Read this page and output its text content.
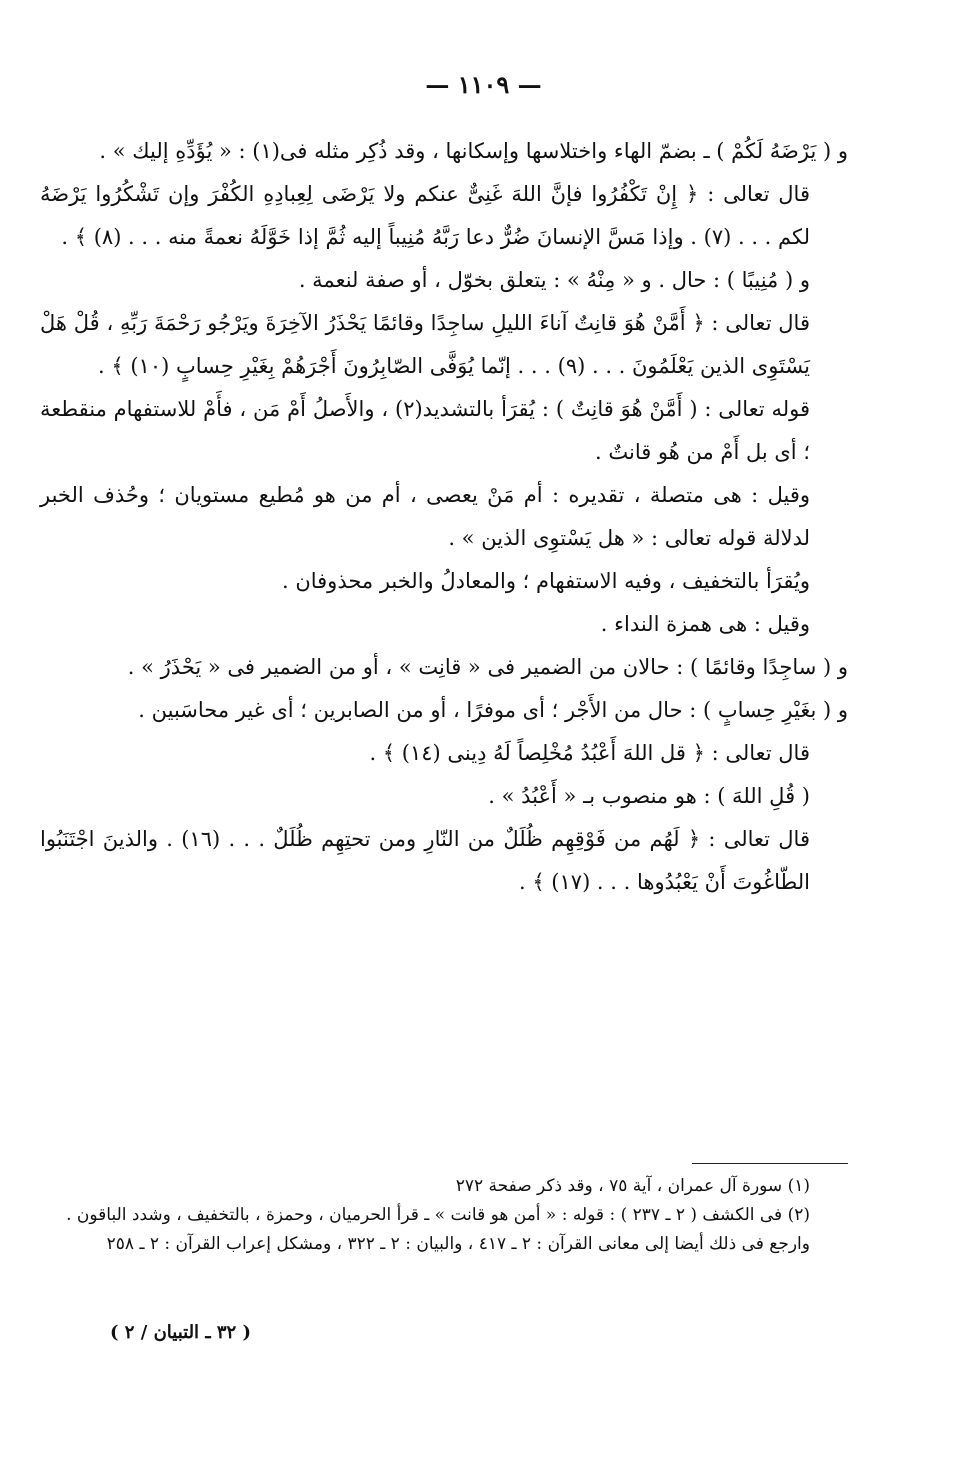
— ١١٠٩ —

و ( يَرْضَهُ لَكُمْ ) ـ بضمّ الهاء واختلاسها وإسكانها ، وقد ذُكِر مثله فى(١) : « يُؤَدِّهِ إليك » .

قال تعالى : ﴿ إِنْ تَكْفُرُوا فإنَّ اللهَ غَنِىٌّ عنكم ولا يَرْضَى لِعِبادِهِ الكُفْرَ وإن تَشْكُرُوا يَرْضَهُ لكم . . . (٧) . وإذا مَسَّ الإنسانَ ضُرٌّ دعا رَبَّهُ مُنِيباً إليه ثُمَّ إذا خَوَّلَهُ نعمةً منه . . . (٨) ﴾ .

و ( مُنِيبًا ) : حال . و « مِنْهُ » : يتعلق بخوّل ، أو صفة لنعمة .

قال تعالى : ﴿ أَمَّنْ هُوَ قانِتٌ آناءَ الليلِ ساجِدًا وقائمًا يَحْذَرُ الآخِرَةَ ويَرْجُو رَحْمَةَ رَبِّهِ ، قُلْ هَلْ يَسْتَوِى الذين يَعْلَمُونَ . . . (٩) . . . إنّما يُوَفَّى الصّابِرُونَ أَجْرَهُمْ بِغَيْرِ حِسابٍ (١٠) ﴾ .

قوله تعالى : ( أَمَّنْ هُوَ قانِتٌ ) : يُقرَأ بالتشديد(٢) ، والأَصلُ أَمْ مَن ، فأَمْ للاستفهام منقطعة ؛ أى بل أَمْ من هُو قانتٌ .

وقيل : هى متصلة ، تقديره : أم مَنْ يعصى ، أم من هو مُطيع مستويان ؛ وحُذف الخبر لدلالة قوله تعالى : « هل يَسْتوِى الذين » .

ويُقرَأ بالتخفيف ، وفيه الاستفهام ؛ والمعادلُ والخبر محذوفان .

وقيل : هى همزة النداء .

و ( ساجِدًا وقائمًا ) : حالان من الضمير فى « قانِت » ، أو من الضمير فى « يَحْذَرُ » .

و ( بغَيْرِ حِسابٍ ) : حال من الأَجْر ؛ أى موفرًا ، أو من الصابرين ؛ أى غير محاسَبين .

قال تعالى : ﴿ قل اللهَ أَعْبُدُ مُخْلِصاً لَهُ دِينى (١٤) ﴾ .

( قُلِ اللهَ ) : هو منصوب بـ « أَعْبُدُ » .

قال تعالى : ﴿ لَهُم من فَوْقِهِم ظُلَلٌ من النّارِ ومن تحتِهِم ظُلَلٌ . . . (١٦) . والذينَ اجْتَنَبُوا الطّاغُوتَ أَنْ يَعْبُدُوها . . . (١٧) ﴾ .

(١) سورة آل عمران ، آية ٧٥ ، وقد ذكر صفحة ٢٧٢

(٢) فى الكشف ( ٢ ـ ٢٣٧ ) : قوله : « أمن هو قانت » ـ قرأ الحرميان ، وحمزة ، بالتخفيف ، وشدد الباقون . وارجع فى ذلك أيضا إلى معانى القرآن : ٢ ـ ٤١٧ ، والبيان : ٢ ـ ٣٢٢ ، ومشكل إعراب القرآن : ٢ ـ ٢٥٨

( ٣٢ ـ التبيان / ٢ )
